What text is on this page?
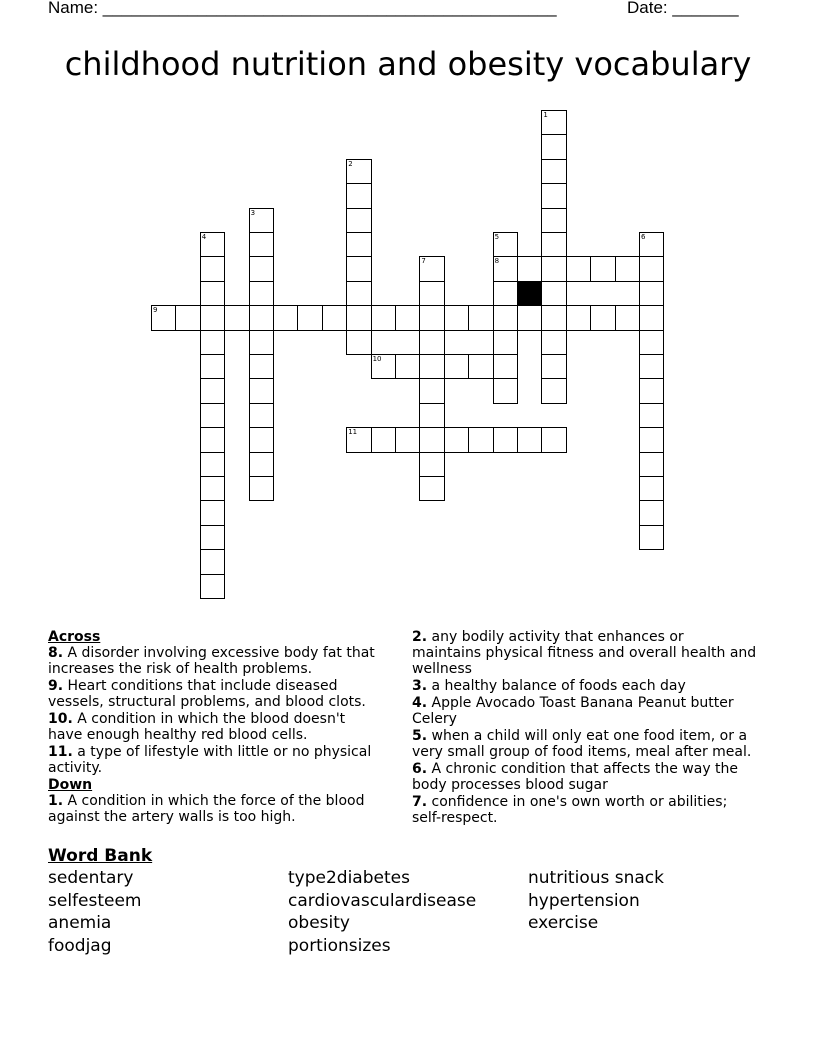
Name: ________________________________________________	Date: _______
childhood nutrition and obesity vocabulary
1
2
3
4	5	6
7	8
9
10
11
Across
8. A disorder involving excessive body fat that increases the risk of health problems.
9. Heart conditions that include diseased vessels, structural problems, and blood clots.
10. A condition in which the blood doesn't have enough healthy red blood cells.
11. a type of lifestyle with little or no physical activity.
Down
1. A condition in which the force of the blood against the artery walls is too high.
2. any bodily activity that enhances or maintains physical fitness and overall health and wellness
3. a healthy balance of foods each day
4. Apple Avocado Toast Banana Peanut butter Celery
5. when a child will only eat one food item, or a very small group of food items, meal after meal.
6. A chronic condition that affects the way the body processes blood sugar
7. confidence in one's own worth or abilities; self-respect.
Word Bank
sedentary	type2diabetes	nutritious snack
selfesteem	cardiovasculardisease	hypertension
anemia	obesity	exercise
foodjag	portionsizes
